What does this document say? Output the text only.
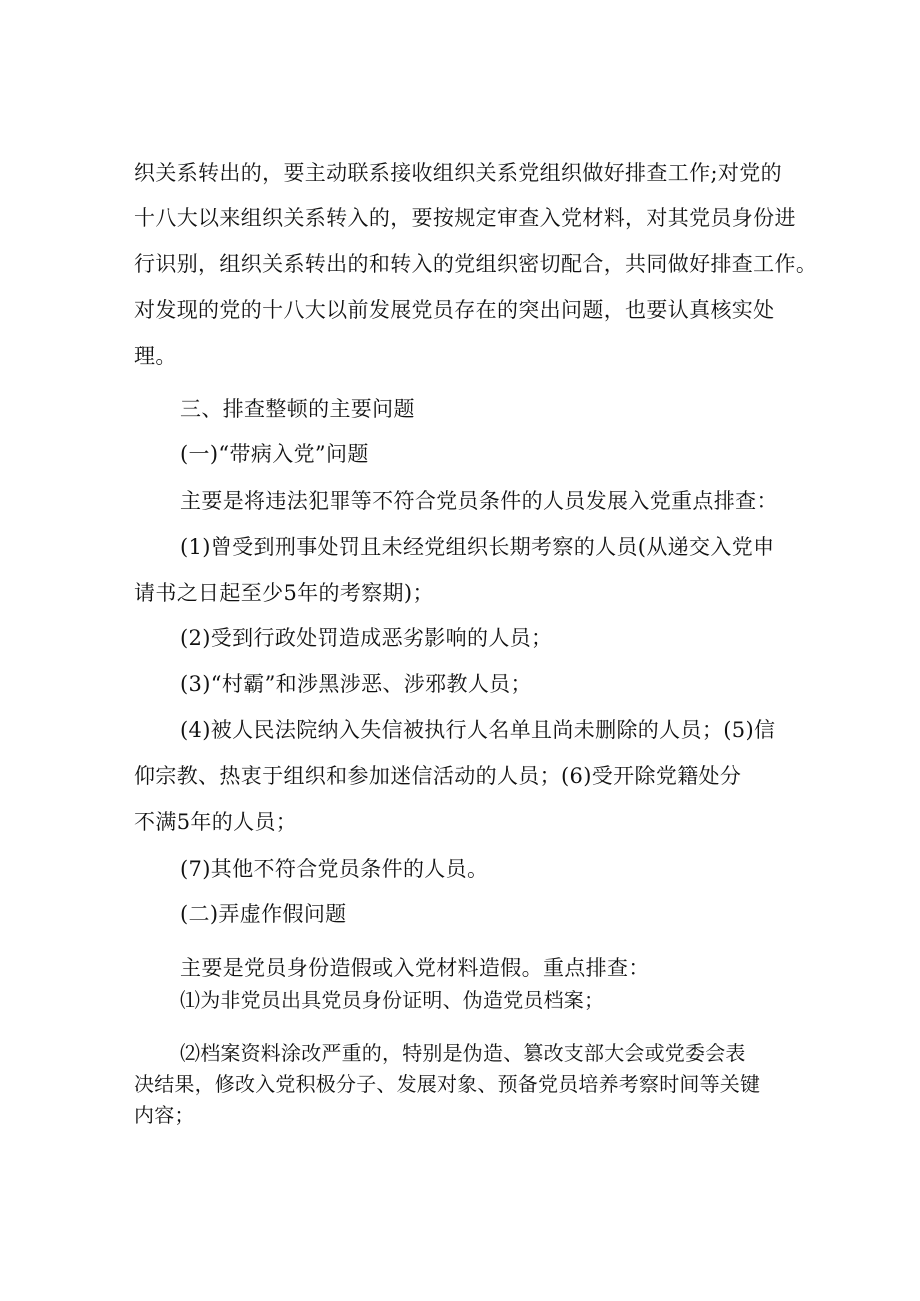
织关系转出的，要主动联系接收组织关系党组织做好排查工作;对党的
十八大以来组织关系转入的，要按规定审查入党材料，对其党员身份进
行识别，组织关系转出的和转入的党组织密切配合，共同做好排查工作。
对发现的党的十八大以前发展党员存在的突出问题，也要认真核实处
理。
三、排查整顿的主要问题
(一)“带病入党”问题
主要是将违法犯罪等不符合党员条件的人员发展入党重点排查：
(1)曾受到刑事处罚且未经党组织长期考察的人员(从递交入党申
请书之日起至少5年的考察期)；
(2)受到行政处罚造成恶劣影响的人员；
(3)“村霸”和涉黑涉恶、涉邪教人员；
(4)被人民法院纳入失信被执行人名单且尚未删除的人员；(5)信
仰宗教、热衷于组织和参加迷信活动的人员；(6)受开除党籍处分
不满5年的人员；
(7)其他不符合党员条件的人员。
(二)弄虚作假问题
主要是党员身份造假或入党材料造假。重点排查：
⑴为非党员出具党员身份证明、伪造党员档案；
⑵档案资料涂改严重的，特别是伪造、篡改支部大会或党委会表
决结果，修改入党积极分子、发展对象、预备党员培养考察时间等关键
内容；
